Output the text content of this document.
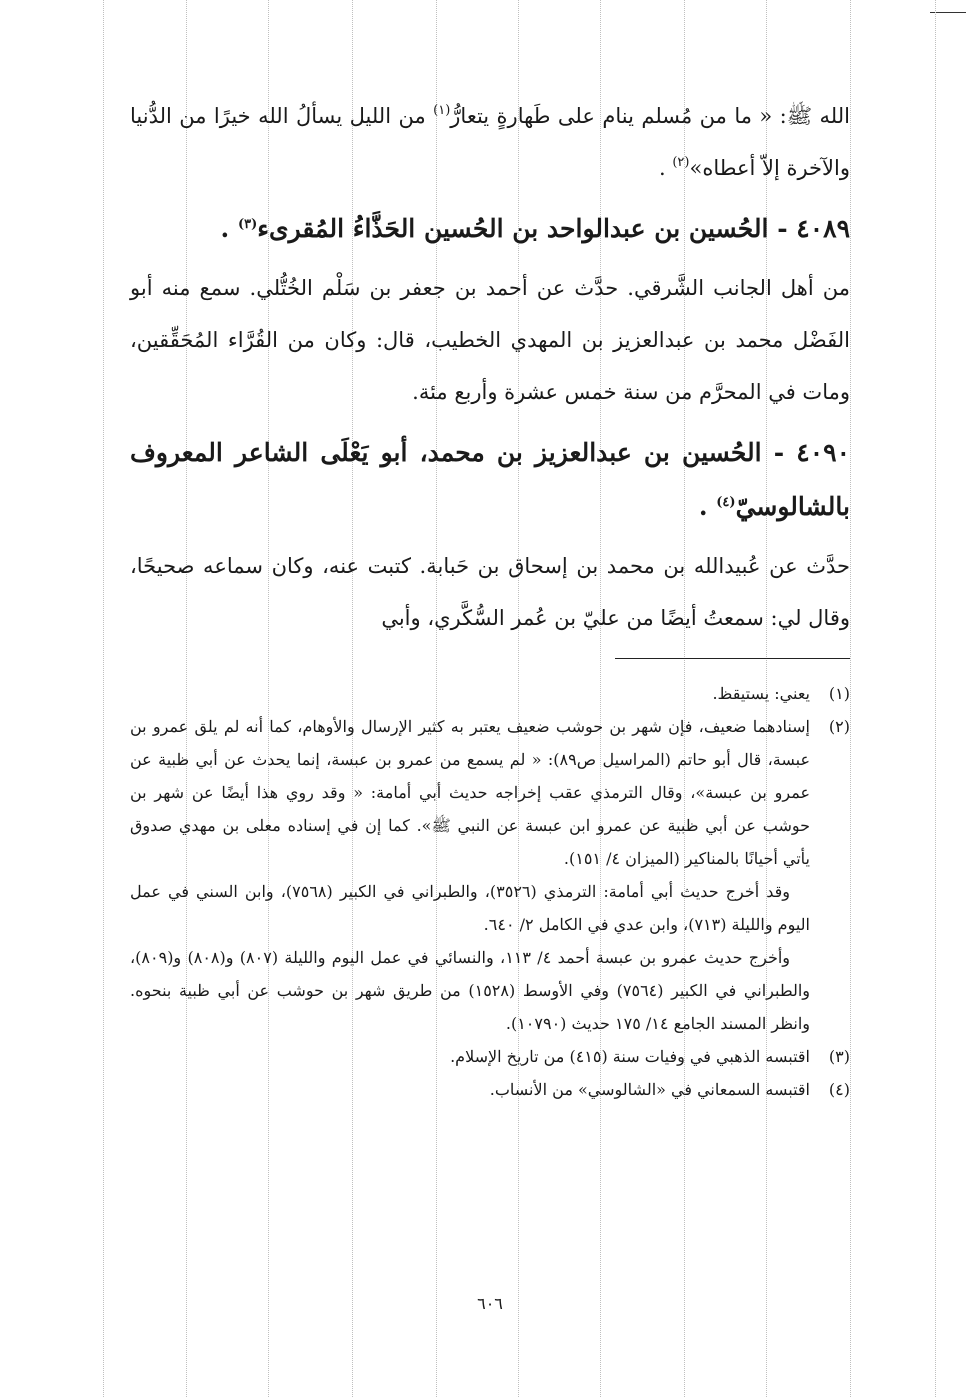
الله ﷺ: « ما من مُسلم ينام على طَهارةٍ يتعارُّ$^{(١)}$ من الليل يسألُ الله خيرًا من الدُّنيا والآخرة إلاّ أعطاه»$^{(٢)}$ .

٤٠٨٩ - الحُسين بن عبدالواحد بن الحُسين الحَذَّاءُ المُقرىء$^{(٣)}$ .

من أهل الجانب الشَّرقي. حدَّث عن أحمد بن جعفر بن سَلْم الخُتُّلي. سمع منه أبو الفَضْل محمد بن عبدالعزيز بن المهدي الخطيب، قال: وكان من القُرَّاء المُحَقِّقين، ومات في المحرَّم من سنة خمس عشرة وأربع مئة.

٤٠٩٠ - الحُسين بن عبدالعزيز بن محمد، أبو يَعْلَى الشاعر المعروف بالشالوسيّ$^{(٤)}$ .

حدَّث عن عُبيدالله بن محمد بن إسحاق بن حَبابة. كتبت عنه، وكان سماعه صحيحًا، وقال لي: سمعتُ أيضًا من عليّ بن عُمر السُّكَّري، وأبي

(١)
يعني: يستيقظ.
(٢)
إسنادهما ضعيف، فإن شهر بن حوشب ضعيف يعتبر به كثير الإرسال والأوهام، كما أنه لم يلق عمرو بن عبسة، قال أبو حاتم (المراسيل ص٨٩): « لم يسمع من عمرو بن عبسة، إنما يحدث عن أبي ظبية عن عمرو بن عبسة»، وقال الترمذي عقب إخراجه حديث أبي أمامة: « وقد روي هذا أيضًا عن شهر بن حوشب عن أبي ظبية عن عمرو ابن عبسة عن النبي ﷺ». كما إن في إسناده معلى بن مهدي صدوق يأتي أحيانًا بالمناكير (الميزان ٤/ ١٥١).

وقد أخرج حديث أبي أمامة: الترمذي (٣٥٢٦)، والطبراني في الكبير (٧٥٦٨)، وابن السني في عمل اليوم والليلة (٧١٣)، وابن عدي في الكامل ٢/ ٦٤٠.

وأخرج حديث عمرو بن عبسة أحمد ٤/ ١١٣، والنسائي في عمل اليوم والليلة (٨٠٧) و(٨٠٨) و(٨٠٩)، والطبراني في الكبير (٧٥٦٤) وفي الأوسط (١٥٢٨) من طريق شهر بن حوشب عن أبي ظبية بنحوه. وانظر المسند الجامع ١٤/ ١٧٥ حديث (١٠٧٩٠).

(٣)
اقتبسه الذهبي في وفيات سنة (٤١٥) من تاريخ الإسلام.
(٤)
اقتبسه السمعاني في «الشالوسي» من الأنساب.
٦٠٦
